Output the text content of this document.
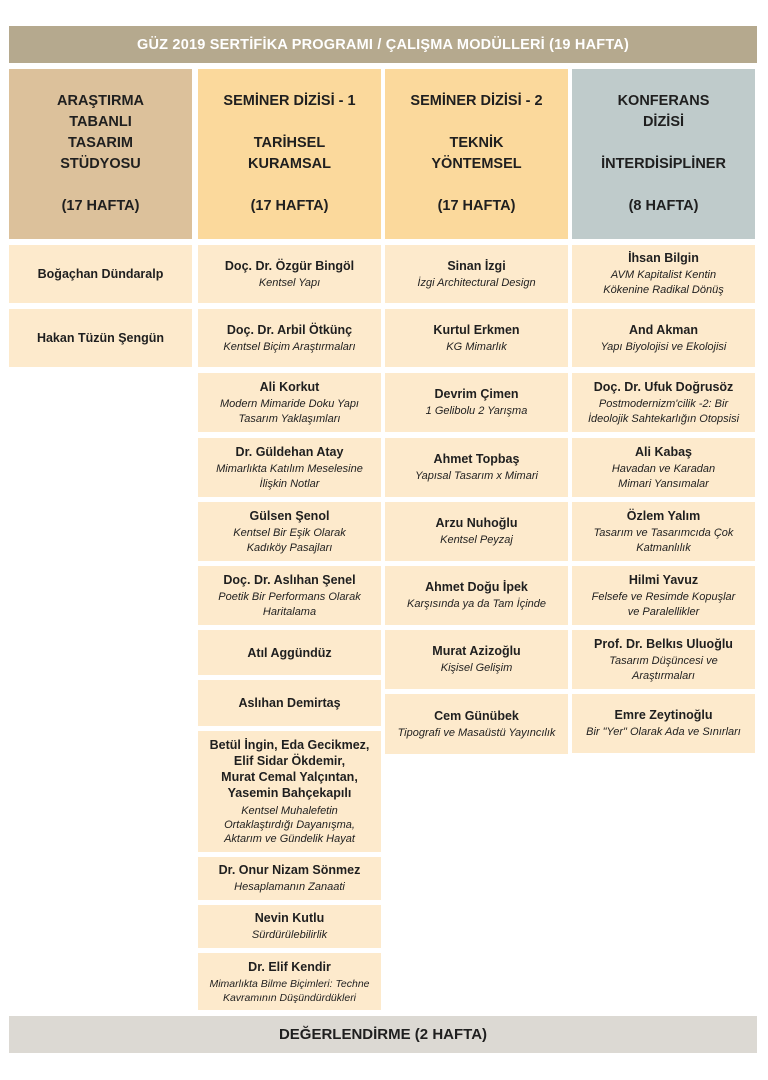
GÜZ 2019 SERTİFİKA PROGRAMI / ÇALIŞMA MODÜLLERİ (19 HAFTA)
ARAŞTIRMA
TABANLI
TASARIM
STÜDYOSU
(17 HAFTA)
SEMİNER DİZİSİ - 1
TARİHSEL
KURAMSAL
(17 HAFTA)
SEMİNER DİZİSİ - 2
TEKNİK
YÖNTEMSEL
(17 HAFTA)
KONFERANS
DİZİSİ
İNTERDİSİPLİNER
(8 HAFTA)
Boğaçhan Dündaralp
Hakan Tüzün Şengün
Doç. Dr. Özgür Bingöl
Kentsel Yapı
Doç. Dr. Arbil Ötkünç
Kentsel Biçim Araştırmaları
Ali Korkut
Modern Mimaride Doku Yapı
Tasarım Yaklaşımları
Dr. Güldehan Atay
Mimarlıkta Katılım Meselesine
İlişkin Notlar
Gülsen Şenol
Kentsel Bir Eşik Olarak
Kadıköy Pasajları
Doç. Dr. Aslıhan Şenel
Poetik Bir Performans Olarak
Haritalama
Atıl Aggündüz
Aslıhan Demirtaş
Betül İngin, Eda Gecikmez,
Elif Sidar Ökdemir,
Murat Cemal Yalçıntan,
Yasemin Bahçekapılı
Kentsel Muhalefetin
Ortaklaştırdığı Dayanışma,
Aktarım ve Gündelik Hayat
Dr. Onur Nizam Sönmez
Hesaplamanın Zanaati
Nevin Kutlu
Sürdürülebilirlik
Dr. Elif Kendir
Mimarlıkta Bilme Biçimleri: Techne
Kavramının Düşündürdükleri
Sinan İzgi
İzgi Architectural Design
Kurtul Erkmen
KG Mimarlık
Devrim Çimen
1 Gelibolu 2 Yarışma
Ahmet Topbaş
Yapısal Tasarım x Mimari
Arzu Nuhoğlu
Kentsel Peyzaj
Ahmet Doğu İpek
Karşısında ya da Tam İçinde
Murat Azizoğlu
Kişisel Gelişim
Cem Günübek
Tipografi ve Masaüstü Yayıncılık
İhsan Bilgin
AVM Kapitalist Kentin
Kökenine Radikal Dönüş
And Akman
Yapı Biyolojisi ve Ekolojisi
Doç. Dr. Ufuk Doğrusöz
Postmodernizm'cilik -2: Bir
İdeolojik Sahtekarlığın Otopsisi
Ali Kabaş
Havadan ve Karadan
Mimari Yansımalar
Özlem Yalım
Tasarım ve Tasarımcıda Çok
Katmanlılık
Hilmi Yavuz
Felsefe ve Resimde Kopuşlar
ve Paralellikler
Prof. Dr. Belkıs Uluoğlu
Tasarım Düşüncesi ve
Araştırmaları
Emre Zeytinoğlu
Bir "Yer" Olarak Ada ve Sınırları
DEĞERLENDİRME (2 HAFTA)
